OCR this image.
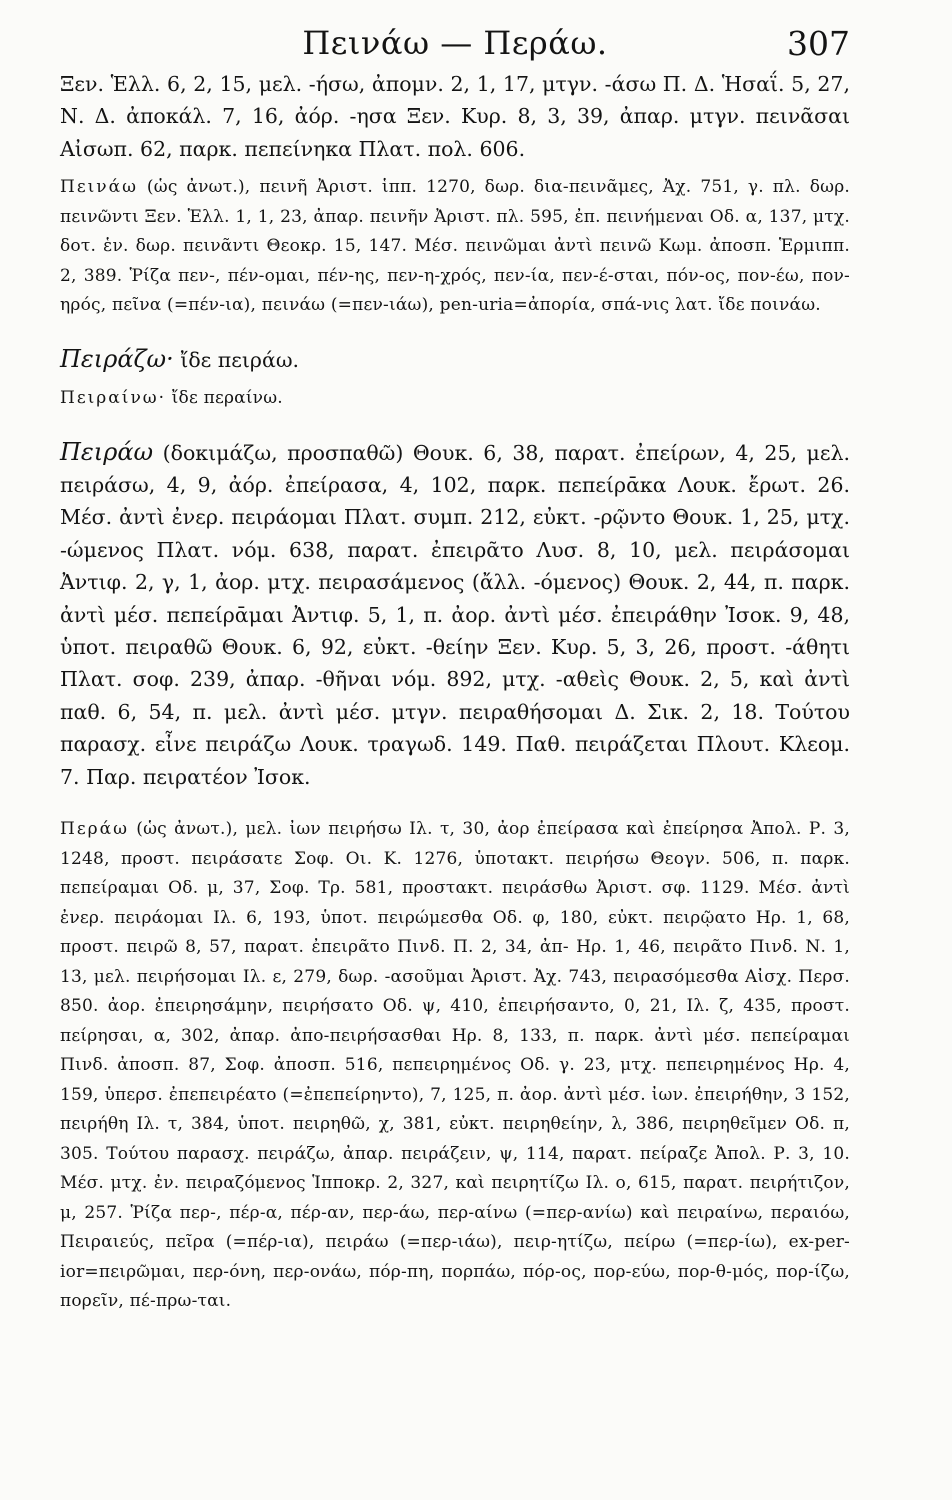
Πεινάω — Περάω.	307

Ξεν. Ἑλλ. 6, 2, 15, μελ. -ήσω, ἀπομν. 2, 1, 17, μτγν. -άσω Π. Δ. Ἡσαΐ. 5, 27, Ν. Δ. ἀποκάλ. 7, 16, ἀόρ. -ησα Ξεν. Κυρ. 8, 3, 39, ἀπαρ. μτγν. πεινᾶσαι Αἰσωπ. 62, παρκ. πεπείνηκα Πλατ. πολ. 606.

Πεινάω (ὡς ἀνωτ.), πεινῆ Ἀριστ. ἱππ. 1270, δωρ. δια-πεινᾶμες, Ἀχ. 751, γ. πλ. δωρ. πεινῶντι Ξεν. Ἑλλ. 1, 1, 23, ἀπαρ. πεινῆν Ἀριστ. πλ. 595, ἐπ. πεινήμεναι Οδ. α, 137, μτχ. δοτ. ἑν. δωρ. πεινᾶντι Θεοκρ. 15, 147. Μέσ. πεινῶμαι ἀντὶ πεινῶ Κωμ. ἀποσπ. Ἑρμιππ. 2, 389. Ῥίζα πεν-, πέν-ομαι, πέν-ης, πεν-η-χρός, πεν-ία, πεν-έ-σται, πόν-ος, πον-έω, πον-ηρός, πεῖνα (=πέν-ια), πεινάω (=πεν-ιάω), pen-uria=ἀπορία, σπά-νις λατ. ἴδε ποινάω.

Πειράζω· ἴδε πειράω.

Πειραίνω· ἴδε περαίνω.

Πειράω (δοκιμάζω, προσπαθῶ) Θουκ. 6, 38, παρατ. ἐπείρων, 4, 25, μελ. πειράσω, 4, 9, ἀόρ. ἐπείρασα, 4, 102, παρκ. πεπείρᾱκα Λουκ. ἔρωτ. 26. Μέσ. ἀντὶ ἐνερ. πειράομαι Πλατ. συμπ. 212, εὐκτ. -ρῷντο Θουκ. 1, 25, μτχ. -ώμενος Πλατ. νόμ. 638, παρατ. ἐπειρᾶτο Λυσ. 8, 10, μελ. πειράσομαι Ἀντιφ. 2, γ, 1, ἀορ. μτχ. πειρασάμενος (ἄλλ. -όμενος) Θουκ. 2, 44, π. παρκ. ἀντὶ μέσ. πεπείρᾱμαι Ἀντιφ. 5, 1, π. ἀορ. ἀντὶ μέσ. ἐπειράθην Ἰσοκ. 9, 48, ὑποτ. πειραθῶ Θουκ. 6, 92, εὐκτ. -θείην Ξεν. Κυρ. 5, 3, 26, προστ. -άθητι Πλατ. σοφ. 239, ἀπαρ. -θῆναι νόμ. 892, μτχ. -αθεὶς Θουκ. 2, 5, καὶ ἀντὶ παθ. 6, 54, π. μελ. ἀντὶ μέσ. μτγν. πειραθήσομαι Δ. Σικ. 2, 18. Τούτου παρασχ. εἶνε πειράζω Λουκ. τραγωδ. 149. Παθ. πειράζεται Πλουτ. Κλεομ. 7. Παρ. πειρατέον Ἰσοκ.

Περάω (ὡς ἀνωτ.), μελ. ἰων πειρήσω Ιλ. τ, 30, ἀορ ἐπείρασα καὶ ἐπείρησα Ἀπολ. Ρ. 3, 1248, προστ. πειράσατε Σοφ. Οι. Κ. 1276, ὑποτακτ. πειρήσω Θεογν. 506, π. παρκ. πεπείραμαι Οδ. μ, 37, Σοφ. Τρ. 581, προστακτ. πειράσθω Ἀριστ. σφ. 1129. Μέσ. ἀντὶ ἐνερ. πειράομαι Ιλ. 6, 193, ὑποτ. πειρώμεσθα Οδ. φ, 180, εὐκτ. πειρῷατο Ηρ. 1, 68, προστ. πειρῶ 8, 57, παρατ. ἐπειρᾶτο Πινδ. Π. 2, 34, ἀπ- Ηρ. 1, 46, πειρᾶτο Πινδ. Ν. 1, 13, μελ. πειρήσομαι Ιλ. ε, 279, δωρ. -ασοῦμαι Ἀριστ. Ἀχ. 743, πειρασόμεσθα Αἰσχ. Περσ. 850. ἀορ. ἐπειρησάμην, πειρήσατο Οδ. ψ, 410, ἐπειρήσαντο, 0, 21, Ιλ. ζ, 435, προστ. πείρησαι, α, 302, ἀπαρ. ἀπο-πειρήσασθαι Ηρ. 8, 133, π. παρκ. ἀντὶ μέσ. πεπείραμαι Πινδ. ἀποσπ. 87, Σοφ. ἀποσπ. 516, πεπειρημένος Οδ. γ. 23, μτχ. πεπειρημένος Ηρ. 4, 159, ὑπερσ. ἐπεπειρέατο (=ἐπεπείρηντο), 7, 125, π. ἀορ. ἀντὶ μέσ. ἰων. ἐπειρήθην, 3 152, πειρήθη Ιλ. τ, 384, ὑποτ. πειρηθῶ, χ, 381, εὐκτ. πειρηθείην, λ, 386, πειρηθεῖμεν Οδ. π, 305. Τούτου παρασχ. πειράζω, ἀπαρ. πειράζειν, ψ, 114, παρατ. πείραζε Ἀπολ. Ρ. 3, 10. Μέσ. μτχ. ἐν. πειραζόμενος Ἱπποκρ. 2, 327, καὶ πειρητίζω Ιλ. ο, 615, παρατ. πειρήτιζον, μ, 257. Ῥίζα περ-, πέρ-α, πέρ-αν, περ-άω, περ-αίνω (=περ-ανίω) καὶ πειραίνω, περαιόω, Πειραιεύς, πεῖρα (=πέρ-ια), πειράω (=περ-ιάω), πειρ-ητίζω, πείρω (=περ-ίω), ex-per-ior=πειρῶμαι, περ-όνη, περ-ονάω, πόρ-πη, πορπάω, πόρ-ος, πορ-εύω, πορ-θ-μός, πορ-ίζω, πορεῖν, πέ-πρω-ται.
